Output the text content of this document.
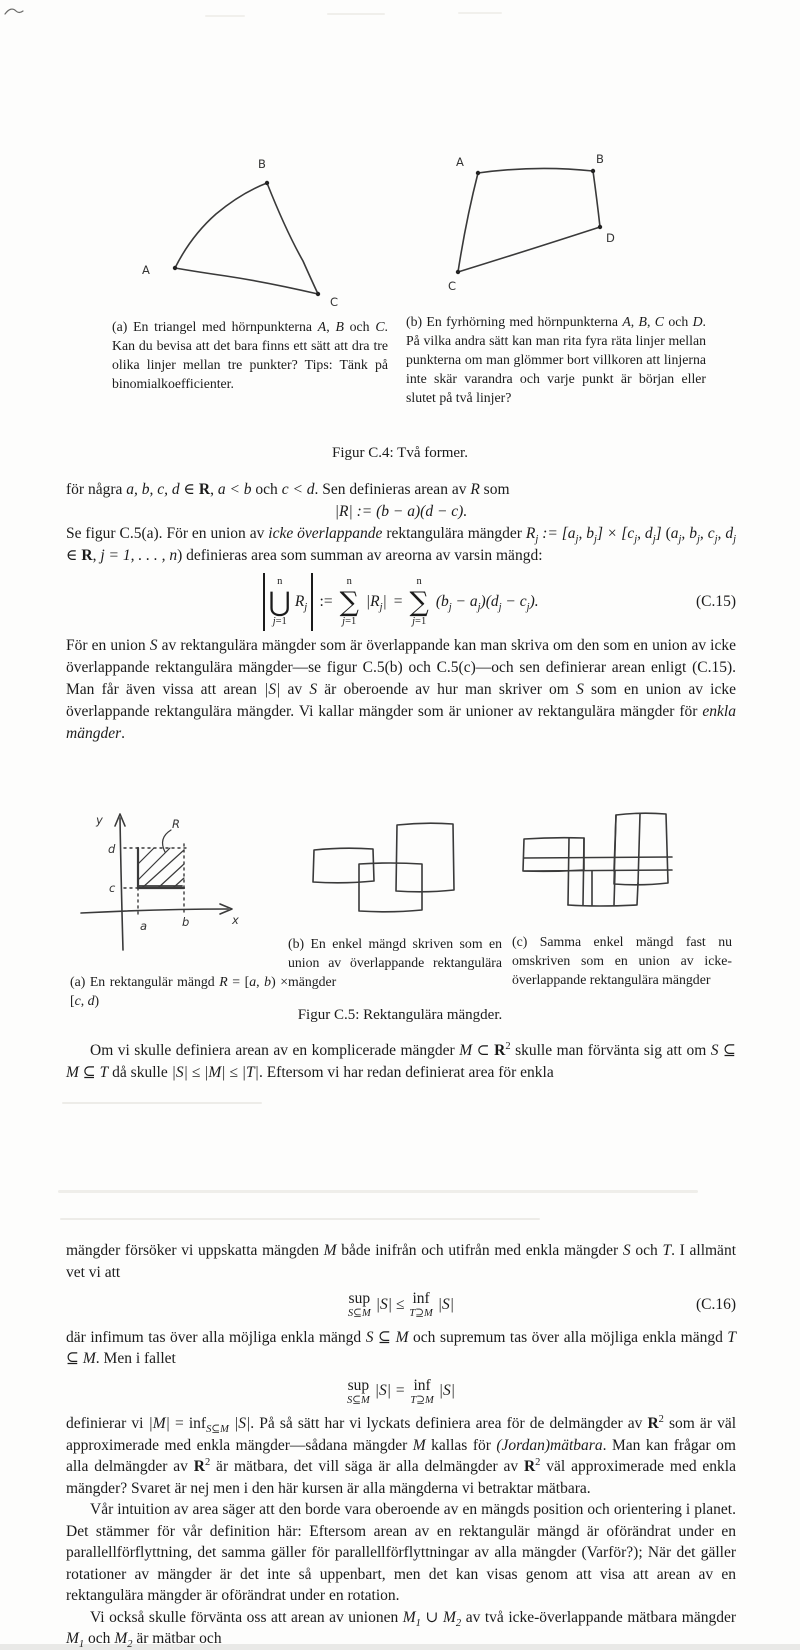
A
B
C
A	B
D
C

(a) En triangel med hörnpunkterna A, B och C. Kan du bevisa att det bara finns ett sätt att dra tre olika linjer mellan tre punkter? Tips: Tänk på binomialkoefficienter.

(b) En fyrhörning med hörnpunkterna A, B, C och D. På vilka andra sätt kan man rita fyra räta linjer mellan punkterna om man glömmer bort villkoren att linjerna inte skär varandra och varje punkt är början eller slutet på två linjer?

Figur C.4: Två former.

för några a, b, c, d ∈ R, a < b och c < d. Sen definieras arean av R som

|R| := (b − a)(d − c).

Se figur C.5(a). För en union av icke överlappande rektangulära mängder $R_j$ := [$a_j$, $b_j] \times [c_j$, $d_j$] ($a_j$, $b_j$, $c_j$, $d_j$ ∈ R, j = 1, . . . , n) definieras area som summan av areorna av varsin mängd:

n
⋃
j=1
$R_j$ :=
n
∑
j=1
$|R_j|$ =
n
∑
j=1
$(b_j - a_j)(d_j - c_j)$.	(C.15)

För en union S av rektangulära mängder som är överlappande kan man skriva om den som en union av icke överlappande rektangulära mängder—se figur C.5(b) och C.5(c)—och sen definierar arean enligt (C.15). Man får även vissa att arean |S| av S är oberoende av hur man skriver om S som en union av icke överlappande rektangulära mängder. Vi kallar mängder som är unioner av rektangulära mängder för enkla mängder.

y
d
c
a	b	x
R

(a) En rektangulär mängd R = [a, b) × [c, d)

(b) En enkel mängd skriven som en union av överlappande rektangulära mängder

(c) Samma enkel mängd fast nu omskriven som en union av icke-överlappande rektangulära mängder

Figur C.5: Rektangulära mängder.

Om vi skulle definiera arean av en komplicerade mängder M ⊂ $R^2$ skulle man förvänta sig att om S ⊆ M ⊆ T då skulle |S| ≤ |M| ≤ |T|. Eftersom vi har redan definierat area för enkla

mängder försöker vi uppskatta mängden M både inifrån och utifrån med enkla mängder S och T. I allmänt vet vi att

sup
S⊆M
|S| ≤ inf
T⊇M
|S|	(C.16)

där infimum tas över alla möjliga enkla mängd S ⊆ M och supremum tas över alla möjliga enkla mängd T ⊆ M. Men i fallet

sup
S⊆M
|S| = inf
T⊇M
|S|

definierar vi |M| = inf$_{S⊆M}$ |S|. På så sätt har vi lyckats definiera area för de delmängder av $R^2$ som är väl approximerade med enkla mängder—sådana mängder M kallas för (Jordan)mätbara. Man kan frågar om alla delmängder av $R^2$ är mätbara, det vill säga är alla delmängder av $R^2$ väl approximerade med enkla mängder? Svaret är nej men i den här kursen är alla mängderna vi betraktar mätbara.

Vår intuition av area säger att den borde vara oberoende av en mängds position och orientering i planet. Det stämmer för vår definition här: Eftersom arean av en rektangulär mängd är oförändrat under en parallellförflyttning, det samma gäller för parallellförflyttningar av alla mängder (Varför?); När det gäller rotationer av mängder är det inte så uppenbart, men det kan visas genom att visa att arean av en rektangulära mängder är oförändrat under en rotation.

Vi också skulle förvänta oss att arean av unionen $M_1$ ∪ $M_2$ av två icke-överlappande mätbara mängder $M_1$ och $M_2$ är mätbar och
